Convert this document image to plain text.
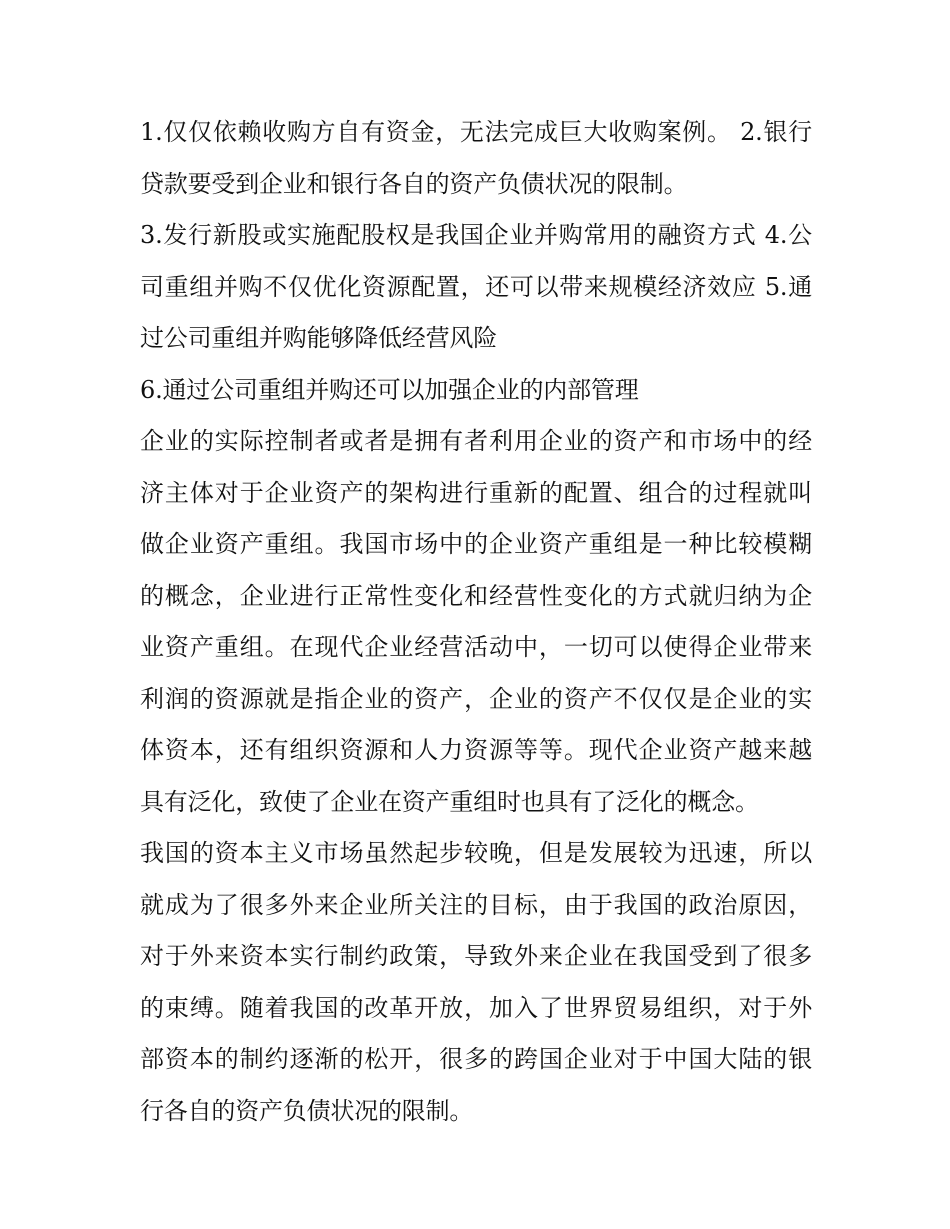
1.仅仅依赖收购方自有资金，无法完成巨大收购案例。 2.银行
贷款要受到企业和银行各自的资产负债状况的限制。
3.发行新股或实施配股权是我国企业并购常用的融资方式 4.公
司重组并购不仅优化资源配置，还可以带来规模经济效应 5.通
过公司重组并购能够降低经营风险
6.通过公司重组并购还可以加强企业的内部管理
企业的实际控制者或者是拥有者利用企业的资产和市场中的经
济主体对于企业资产的架构进行重新的配置、组合的过程就叫
做企业资产重组。我国市场中的企业资产重组是一种比较模糊
的概念，企业进行正常性变化和经营性变化的方式就归纳为企
业资产重组。在现代企业经营活动中，一切可以使得企业带来
利润的资源就是指企业的资产，企业的资产不仅仅是企业的实
体资本，还有组织资源和人力资源等等。现代企业资产越来越
具有泛化，致使了企业在资产重组时也具有了泛化的概念。
我国的资本主义市场虽然起步较晚，但是发展较为迅速，所以
就成为了很多外来企业所关注的目标，由于我国的政治原因，
对于外来资本实行制约政策，导致外来企业在我国受到了很多
的束缚。随着我国的改革开放，加入了世界贸易组织，对于外
部资本的制约逐渐的松开，很多的跨国企业对于中国大陆的银
行各自的资产负债状况的限制。
